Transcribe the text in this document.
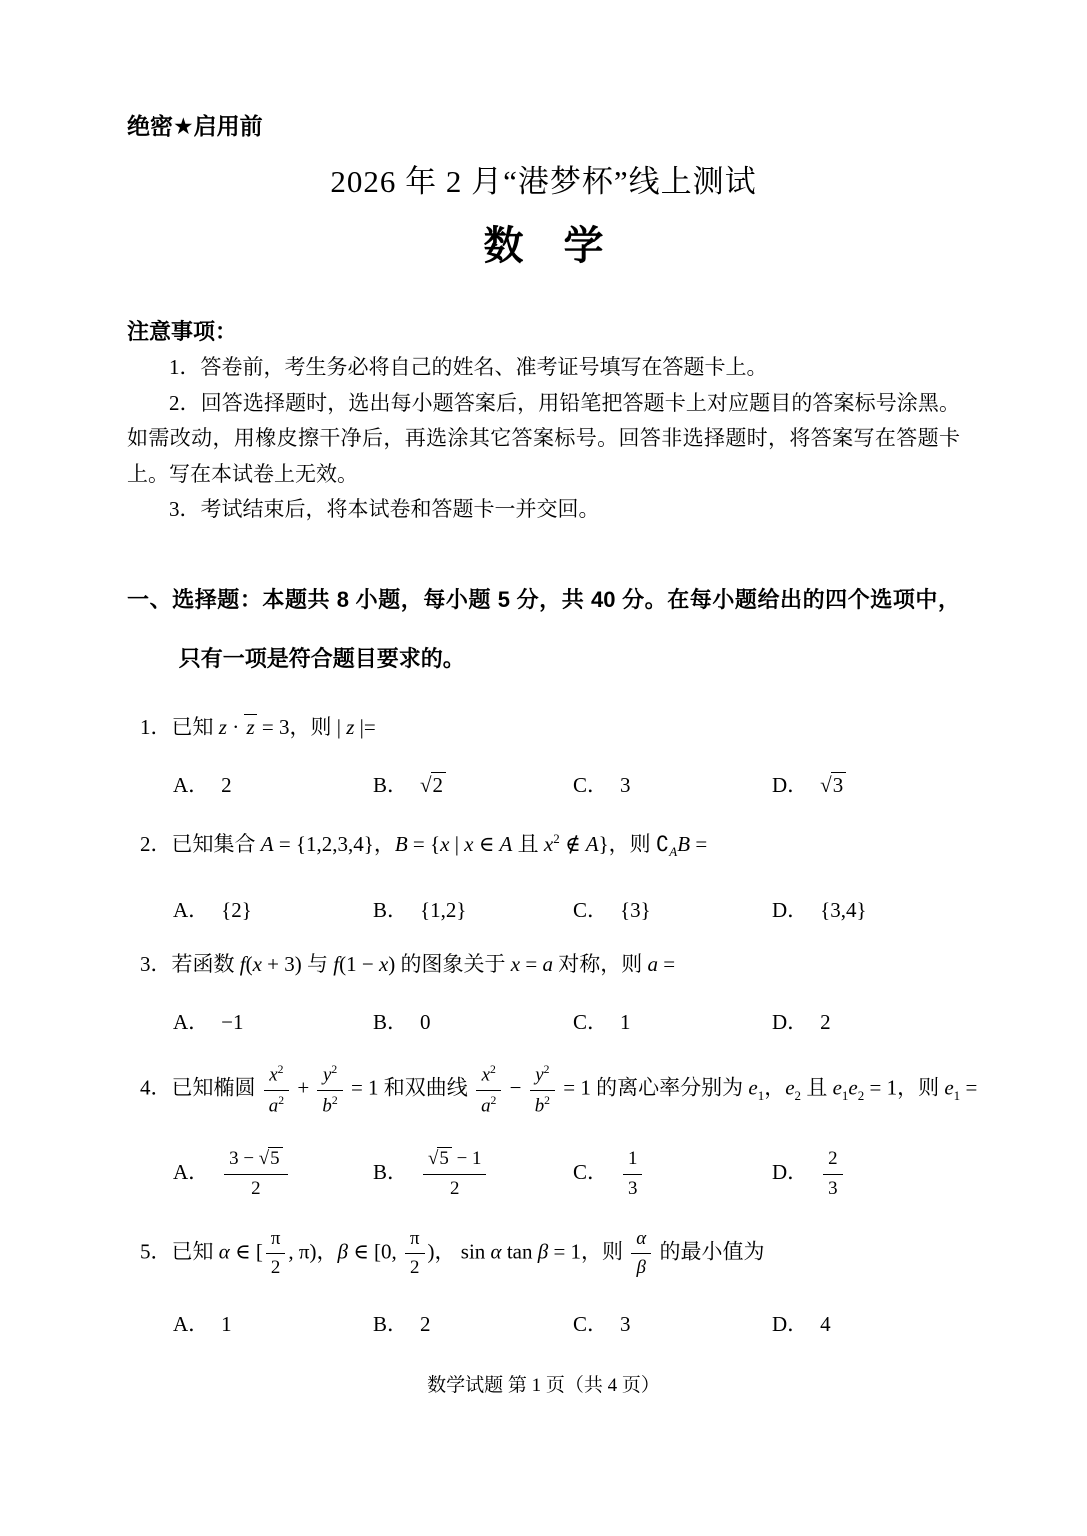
绝密★启用前
2026 年 2 月“港梦杯”线上测试
数　学
注意事项：

1．答卷前，考生务必将自己的姓名、准考证号填写在答题卡上。

2．回答选择题时，选出每小题答案后，用铅笔把答题卡上对应题目的答案标号涂黑。如需改动，用橡皮擦干净后，再选涂其它答案标号。回答非选择题时，将答案写在答题卡上。写在本试卷上无效。

3．考试结束后，将本试卷和答题卡一并交回。

一、选择题：本题共 8 小题，每小题 5 分，共 40 分。在每小题给出的四个选项中，只有一项是符合题目要求的。
1．已知 z · z = 3，则 | z |=
A． 2	B． √2	C． 3	D． √3
2．已知集合 A = {1,2,3,4}，B = {x | x ∈ A 且 $x^2$ ∉ A}，则 $∁_AB$ =
A． {2}	B． {1,2}	C． {3}	D． {3,4}
3．若函数 f(x + 3) 与 f(1 − x) 的图象关于 x = a 对称，则 a =
A． −1	B． 0	C． 1	D． 2
4．已知椭圆 $\frac{x^2}{a^2} + \frac{y^2}{b^2} = 1$ 和双曲线 $\frac{x^2}{a^2} - \frac{y^2}{b^2} = 1$ 的离心率分别为 $e_1$，$e_2$ 且 $e_1e_2 = 1$，则 $e_1$ =
A． $\frac{3 - √5}{2}$	B． $\frac{√5 - 1}{2}$	C． $\frac{1}{3}$	D． $\frac{2}{3}$
5．已知 α ∈ [ $\frac{\pi}{2}$ , π)，β ∈ [0, $\frac{\pi}{2}$ )， sin α tan β = 1，则 $\frac{\alpha}{\beta}$ 的最小值为
A． 1	B． 2	C． 3	D． 4
数学试题 第 1 页（共 4 页）
